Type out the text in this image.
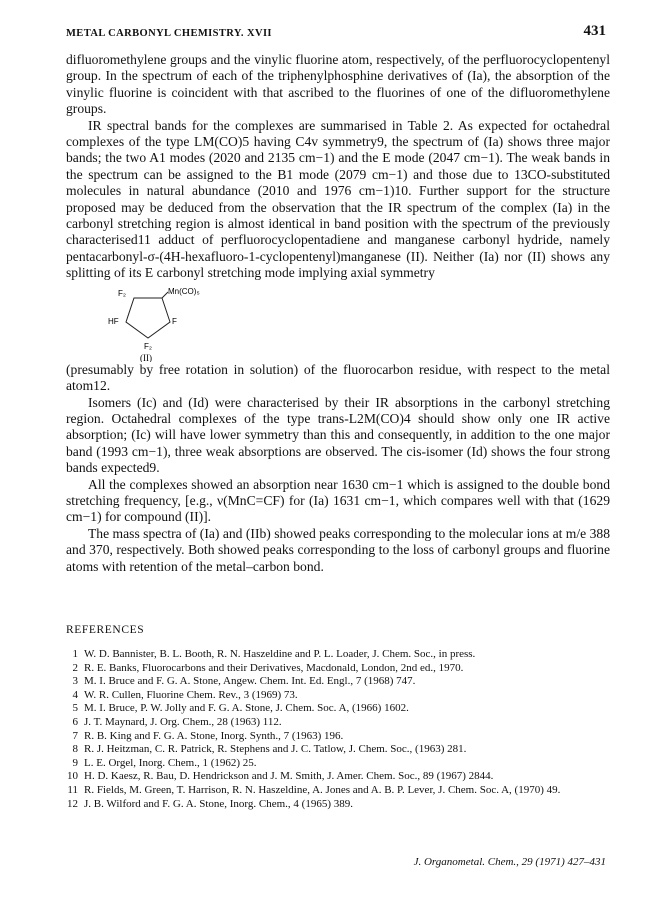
METAL CARBONYL CHEMISTRY. XVII	431

difluoromethylene groups and the vinylic fluorine atom, respectively, of the perfluorocyclopentenyl group. In the spectrum of each of the triphenylphosphine derivatives of (Ia), the absorption of the vinylic fluorine is coincident with that ascribed to the fluorines of one of the difluoromethylene groups.

IR spectral bands for the complexes are summarised in Table 2. As expected for octahedral complexes of the type LM(CO)5 having C4v symmetry9, the spectrum of (Ia) shows three major bands; the two A1 modes (2020 and 2135 cm−1) and the E mode (2047 cm−1). The weak bands in the spectrum can be assigned to the B1 mode (2079 cm−1) and those due to 13CO-substituted molecules in natural abundance (2010 and 1976 cm−1)10. Further support for the structure proposed may be deduced from the observation that the IR spectrum of the complex (Ia) in the carbonyl stretching region is almost identical in band position with the spectrum of the previously characterised11 adduct of perfluorocyclopentadiene and manganese carbonyl hydride, namely pentacarbonyl-σ-(4H-hexafluoro-1-cyclopentenyl)manganese (II). Neither (Ia) nor (II) shows any splitting of its E carbonyl stretching mode implying axial symmetry

F₂	Mn(CO)₅
HF	F
F₂
(II)

(presumably by free rotation in solution) of the fluorocarbon residue, with respect to the metal atom12.

Isomers (Ic) and (Id) were characterised by their IR absorptions in the carbonyl stretching region. Octahedral complexes of the type trans-L2M(CO)4 should show only one IR active absorption; (Ic) will have lower symmetry than this and consequently, in addition to the one major band (1993 cm−1), three weak absorptions are observed. The cis-isomer (Id) shows the four strong bands expected9.

All the complexes showed an absorption near 1630 cm−1 which is assigned to the double bond stretching frequency, [e.g., ν(MnC=CF) for (Ia) 1631 cm−1, which compares well with that (1629 cm−1) for compound (II)].

The mass spectra of (Ia) and (IIb) showed peaks corresponding to the molecular ions at m/e 388 and 370, respectively. Both showed peaks corresponding to the loss of carbonyl groups and fluorine atoms with retention of the metal–carbon bond.

REFERENCES
1 W. D. Bannister, B. L. Booth, R. N. Haszeldine and P. L. Loader, J. Chem. Soc., in press.
2 R. E. Banks, Fluorocarbons and their Derivatives, Macdonald, London, 2nd ed., 1970.
3 M. I. Bruce and F. G. A. Stone, Angew. Chem. Int. Ed. Engl., 7 (1968) 747.
4 W. R. Cullen, Fluorine Chem. Rev., 3 (1969) 73.
5 M. I. Bruce, P. W. Jolly and F. G. A. Stone, J. Chem. Soc. A, (1966) 1602.
6 J. T. Maynard, J. Org. Chem., 28 (1963) 112.
7 R. B. King and F. G. A. Stone, Inorg. Synth., 7 (1963) 196.
8 R. J. Heitzman, C. R. Patrick, R. Stephens and J. C. Tatlow, J. Chem. Soc., (1963) 281.
9 L. E. Orgel, Inorg. Chem., 1 (1962) 25.
10 H. D. Kaesz, R. Bau, D. Hendrickson and J. M. Smith, J. Amer. Chem. Soc., 89 (1967) 2844.
11 R. Fields, M. Green, T. Harrison, R. N. Haszeldine, A. Jones and A. B. P. Lever, J. Chem. Soc. A, (1970) 49.
12 J. B. Wilford and F. G. A. Stone, Inorg. Chem., 4 (1965) 389.
J. Organometal. Chem., 29 (1971) 427–431
